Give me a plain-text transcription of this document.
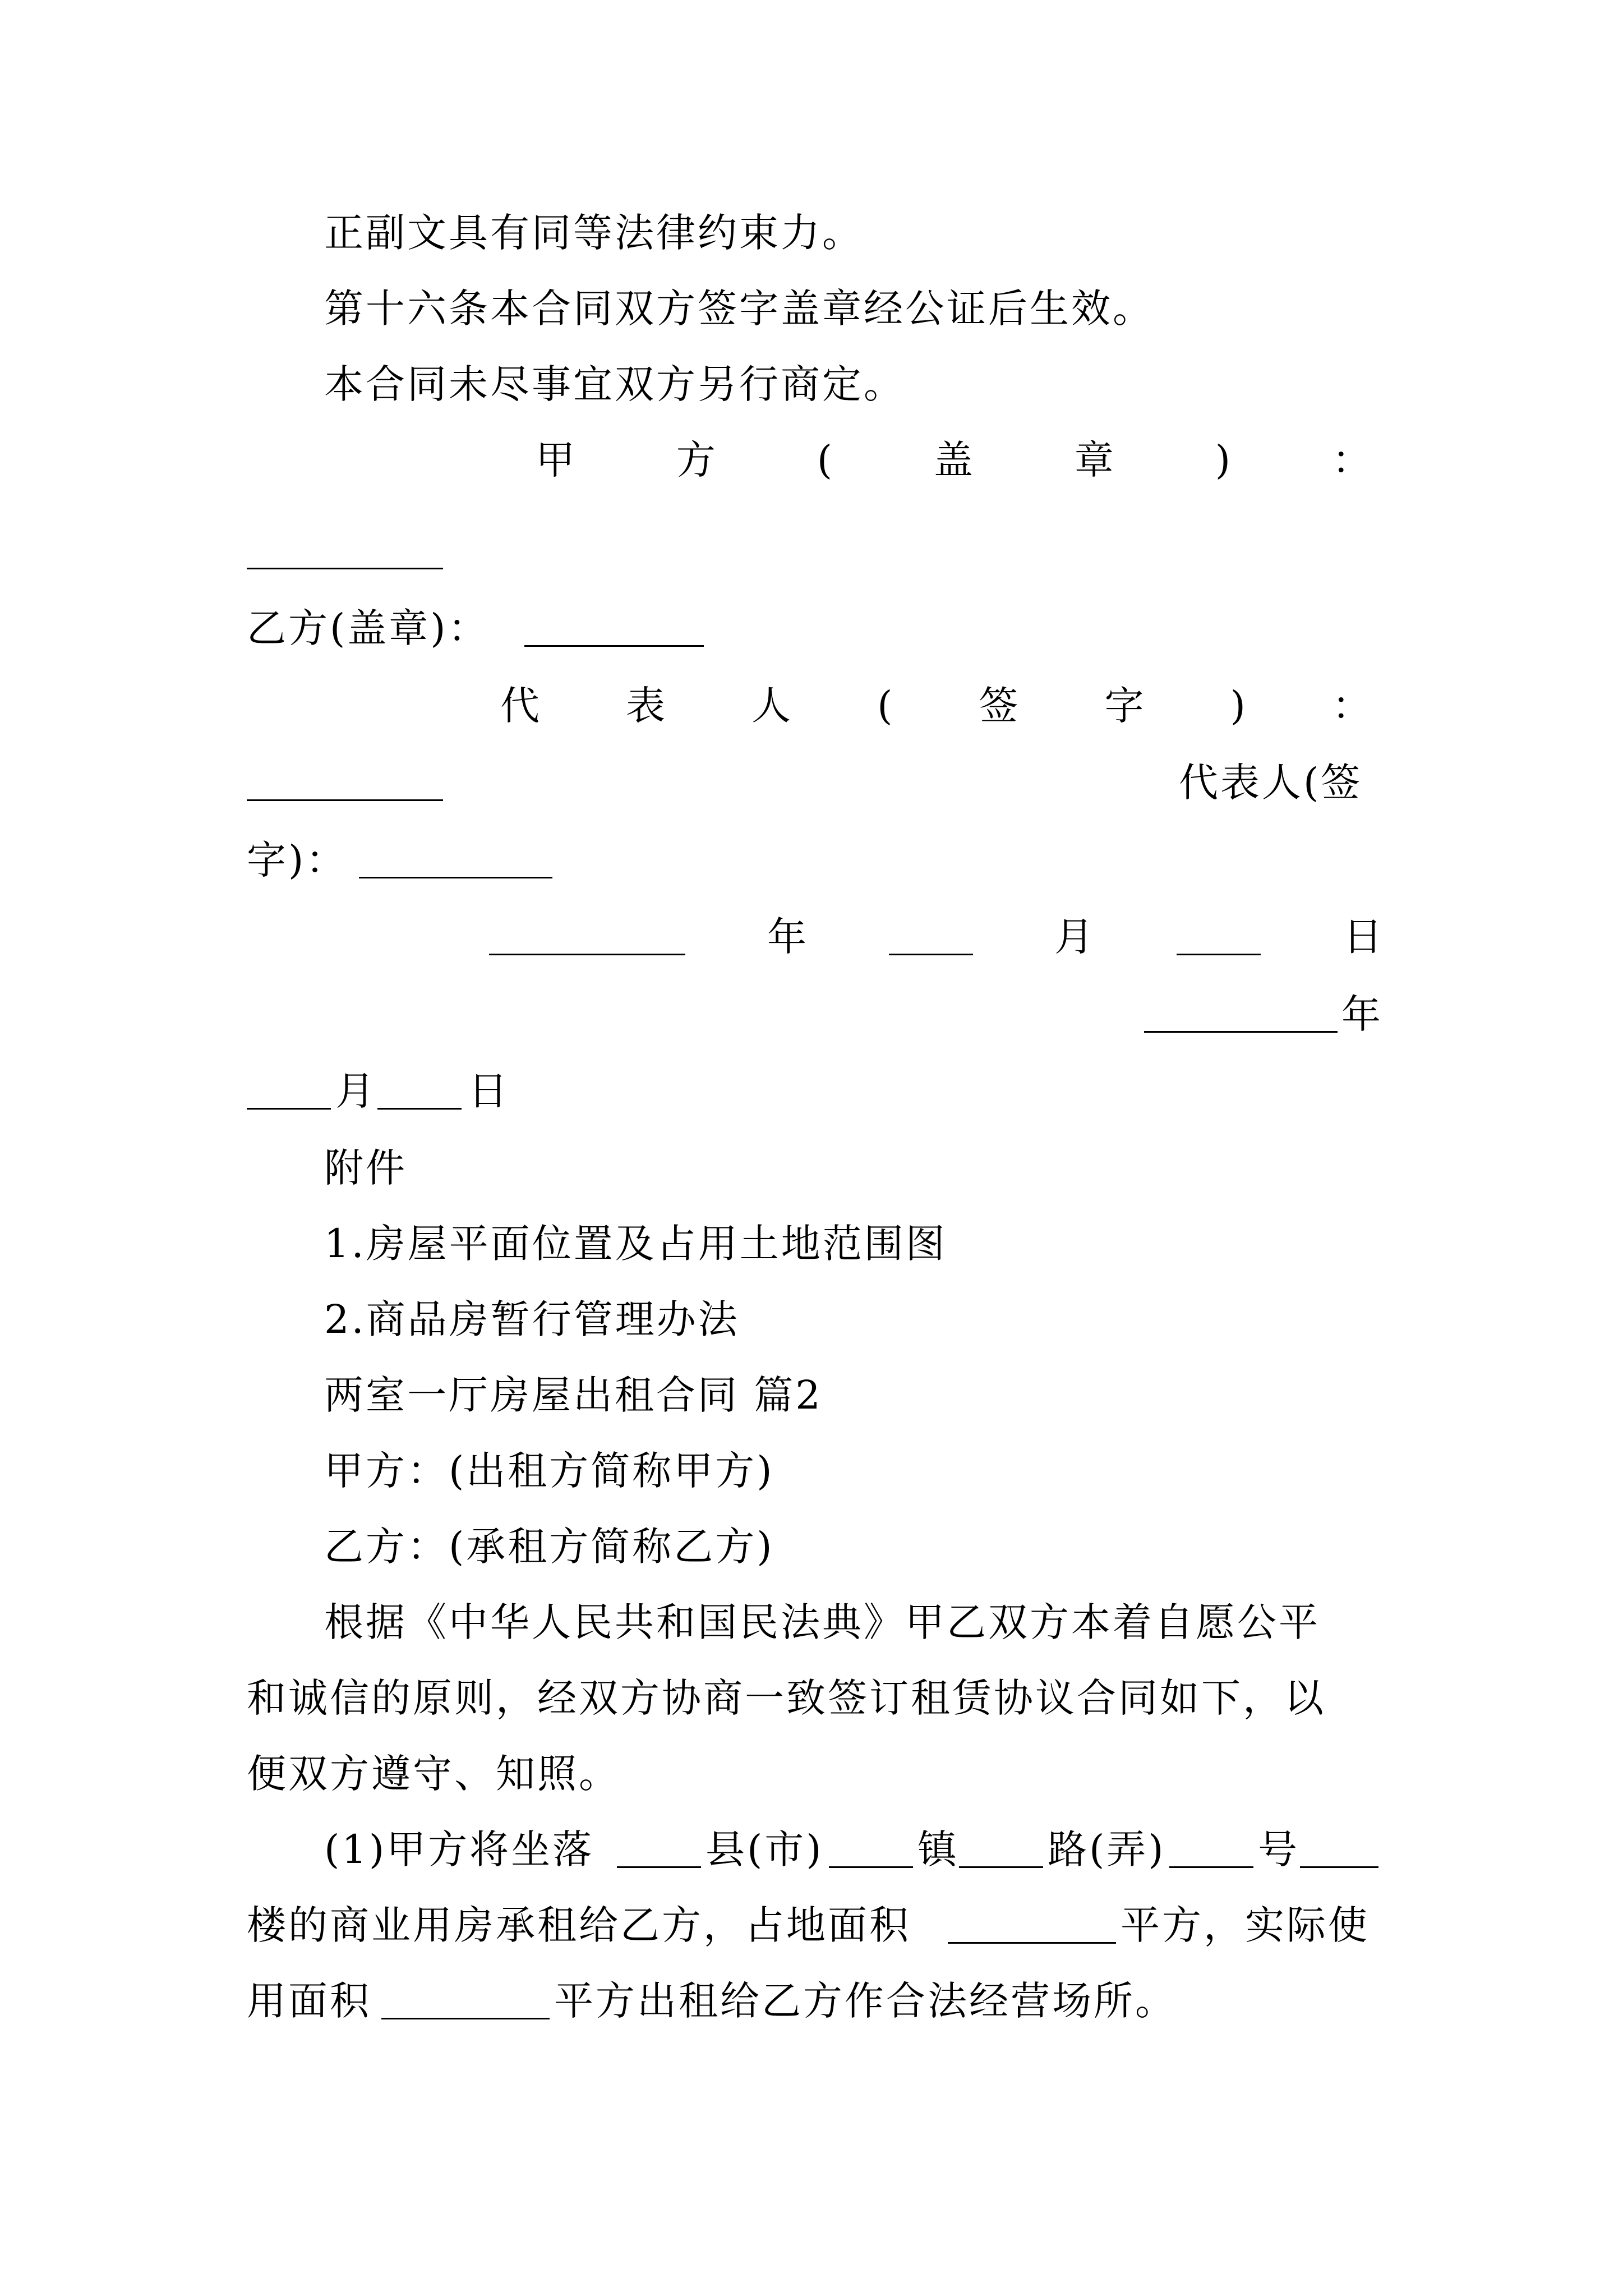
正副文具有同等法律约束力。
第十六条本合同双方签字盖章经公证后生效。
本合同未尽事宜双方另行商定。
甲	方	(	盖	章	)	：
乙方(盖章)：
代 表 人 ( 签 字 ) ：
代表人(签
字)：
年	月	日
年
月 日
附件
1.房屋平面位置及占用土地范围图
2.商品房暂行管理办法
两室一厅房屋出租合同 篇2
甲方：(出租方简称甲方)
乙方：(承租方简称乙方)
根据《中华人民共和国民法典》甲乙双方本着自愿公平
和诚信的原则，经双方协商一致签订租赁协议合同如下，以
便双方遵守、知照。
(1)甲方将坐落	县(市) 镇 路(弄) 号
楼的商业用房承租给乙方，占地面积	平方，实际使
用面积	平方出租给乙方作合法经营场所。
